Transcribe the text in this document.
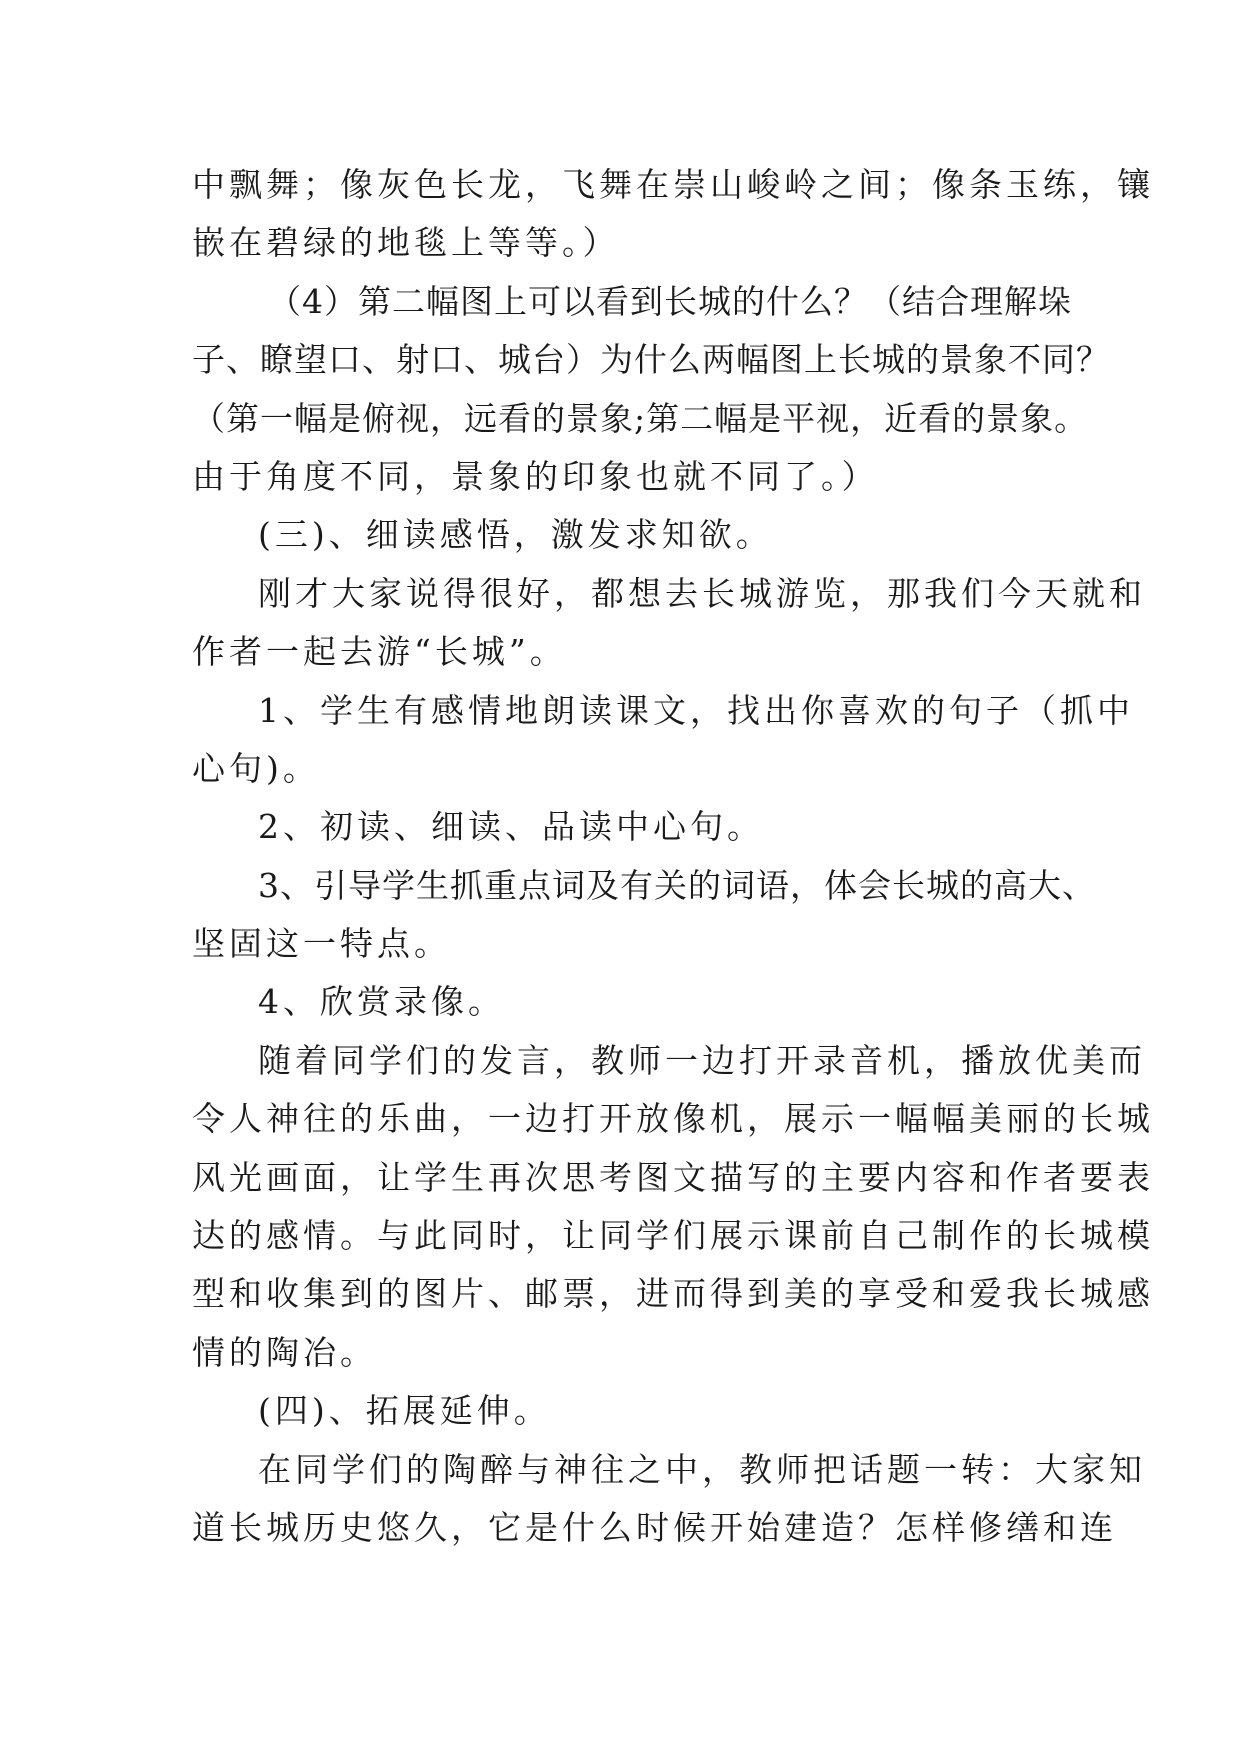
中飘舞；像灰色长龙，飞舞在崇山峻岭之间；像条玉练，镶
嵌在碧绿的地毯上等等。）
（4）第二幅图上可以看到长城的什么？（结合理解垛
子、瞭望口、射口、城台）为什么两幅图上长城的景象不同？
（第一幅是俯视，远看的景象;第二幅是平视，近看的景象。
由于角度不同，景象的印象也就不同了。）
(三)、细读感悟，激发求知欲。
刚才大家说得很好，都想去长城游览，那我们今天就和
作者一起去游“长城”。
1、学生有感情地朗读课文，找出你喜欢的句子（抓中
心句)。
2、初读、细读、品读中心句。
3、引导学生抓重点词及有关的词语，体会长城的高大、
坚固这一特点。
4、欣赏录像。
随着同学们的发言，教师一边打开录音机，播放优美而
令人神往的乐曲，一边打开放像机，展示一幅幅美丽的长城
风光画面，让学生再次思考图文描写的主要内容和作者要表
达的感情。与此同时，让同学们展示课前自己制作的长城模
型和收集到的图片、邮票，进而得到美的享受和爱我长城感
情的陶冶。
(四)、拓展延伸。
在同学们的陶醉与神往之中，教师把话题一转：大家知
道长城历史悠久，它是什么时候开始建造？怎样修缮和连
